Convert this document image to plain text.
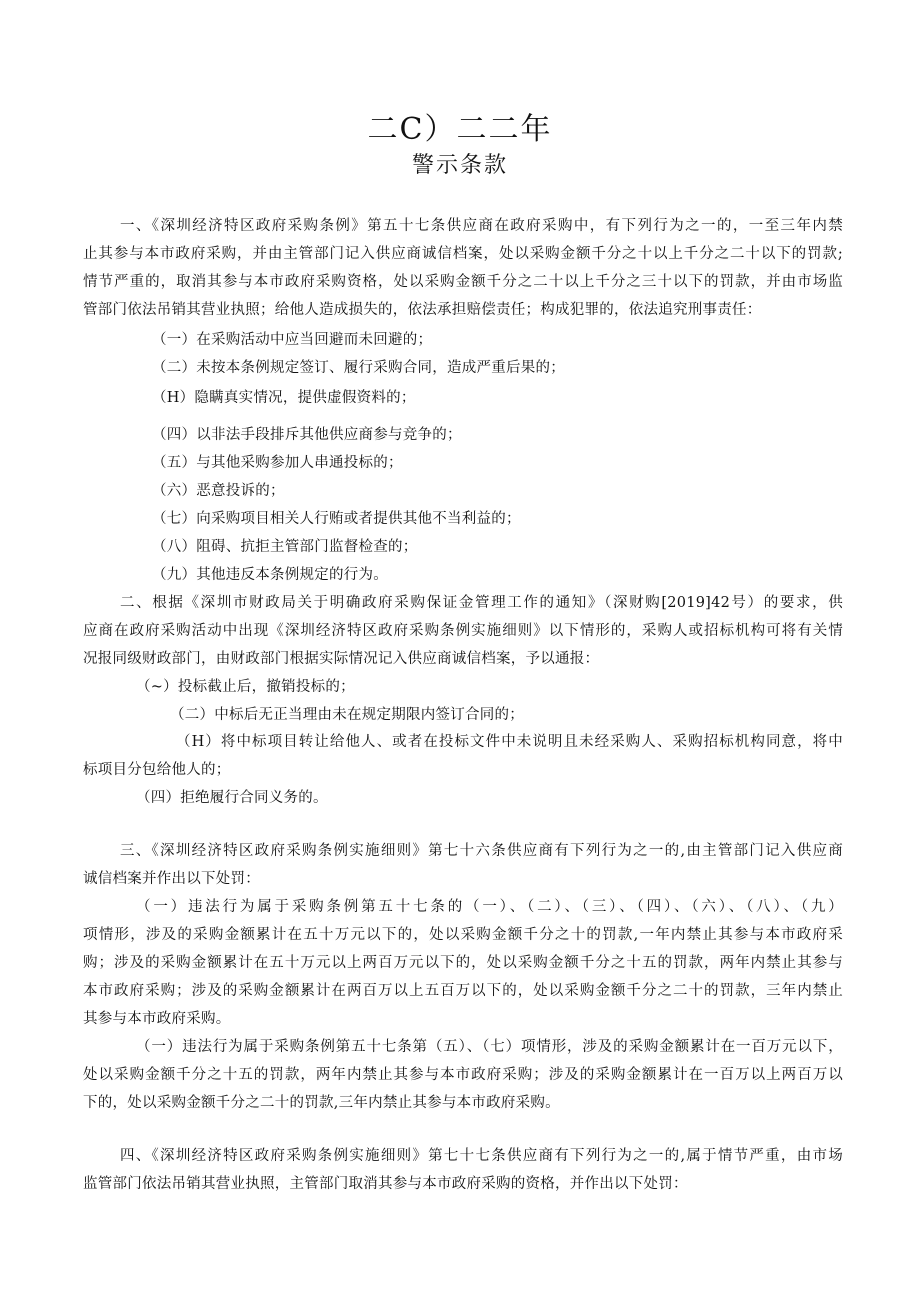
二C）二二年
警示条款
一、《深圳经济特区政府采购条例》第五十七条供应商在政府采购中，有下列行为之一的，一至三年内禁
止其参与本市政府采购，并由主管部门记入供应商诚信档案，处以采购金额千分之十以上千分之二十以下的罚款;
情节严重的，取消其参与本市政府采购资格，处以采购金额千分之二十以上千分之三十以下的罚款，并由市场监
管部门依法吊销其营业执照；给他人造成损失的，依法承担赔偿责任；构成犯罪的，依法追究刑事责任：
（一）在采购活动中应当回避而未回避的；
（二）未按本条例规定签订、履行采购合同，造成严重后果的；
（H）隐瞒真实情况，提供虚假资料的；
（四）以非法手段排斥其他供应商参与竞争的；
（五）与其他采购参加人串通投标的；
（六）恶意投诉的；
（七）向采购项目相关人行贿或者提供其他不当利益的；
（八）阻碍、抗拒主管部门监督检查的；
（九）其他违反本条例规定的行为。
二、根据《深圳市财政局关于明确政府采购保证金管理工作的通知》（深财购[2019]42号）的要求，供
应商在政府采购活动中出现《深圳经济特区政府采购条例实施细则》以下情形的，采购人或招标机构可将有关情
况报同级财政部门，由财政部门根据实际情况记入供应商诚信档案，予以通报：
（~）投标截止后，撤销投标的；
（二）中标后无正当理由未在规定期限内签订合同的；
（H）将中标项目转让给他人、或者在投标文件中未说明且未经采购人、采购招标机构同意，将中
标项目分包给他人的；
（四）拒绝履行合同义务的。
三、《深圳经济特区政府采购条例实施细则》第七十六条供应商有下列行为之一的,由主管部门记入供应商
诚信档案并作出以下处罚：
（一）违法行为属于采购条例第五十七条的（一）、（二）、（三）、（四）、（六）、（八）、（九）
项情形，涉及的采购金额累计在五十万元以下的，处以采购金额千分之十的罚款,一年内禁止其参与本市政府采
购；涉及的采购金额累计在五十万元以上两百万元以下的，处以采购金额千分之十五的罚款，两年内禁止其参与
本市政府采购；涉及的采购金额累计在两百万以上五百万以下的，处以采购金额千分之二十的罚款，三年内禁止
其参与本市政府采购。
（一）违法行为属于采购条例第五十七条第（五）、（七）项情形，涉及的采购金额累计在一百万元以下，
处以采购金额千分之十五的罚款，两年内禁止其参与本市政府采购；涉及的采购金额累计在一百万以上两百万以
下的，处以采购金额千分之二十的罚款,三年内禁止其参与本市政府采购。
四、《深圳经济特区政府采购条例实施细则》第七十七条供应商有下列行为之一的,属于情节严重，由市场
监管部门依法吊销其营业执照，主管部门取消其参与本市政府采购的资格，并作出以下处罚：
